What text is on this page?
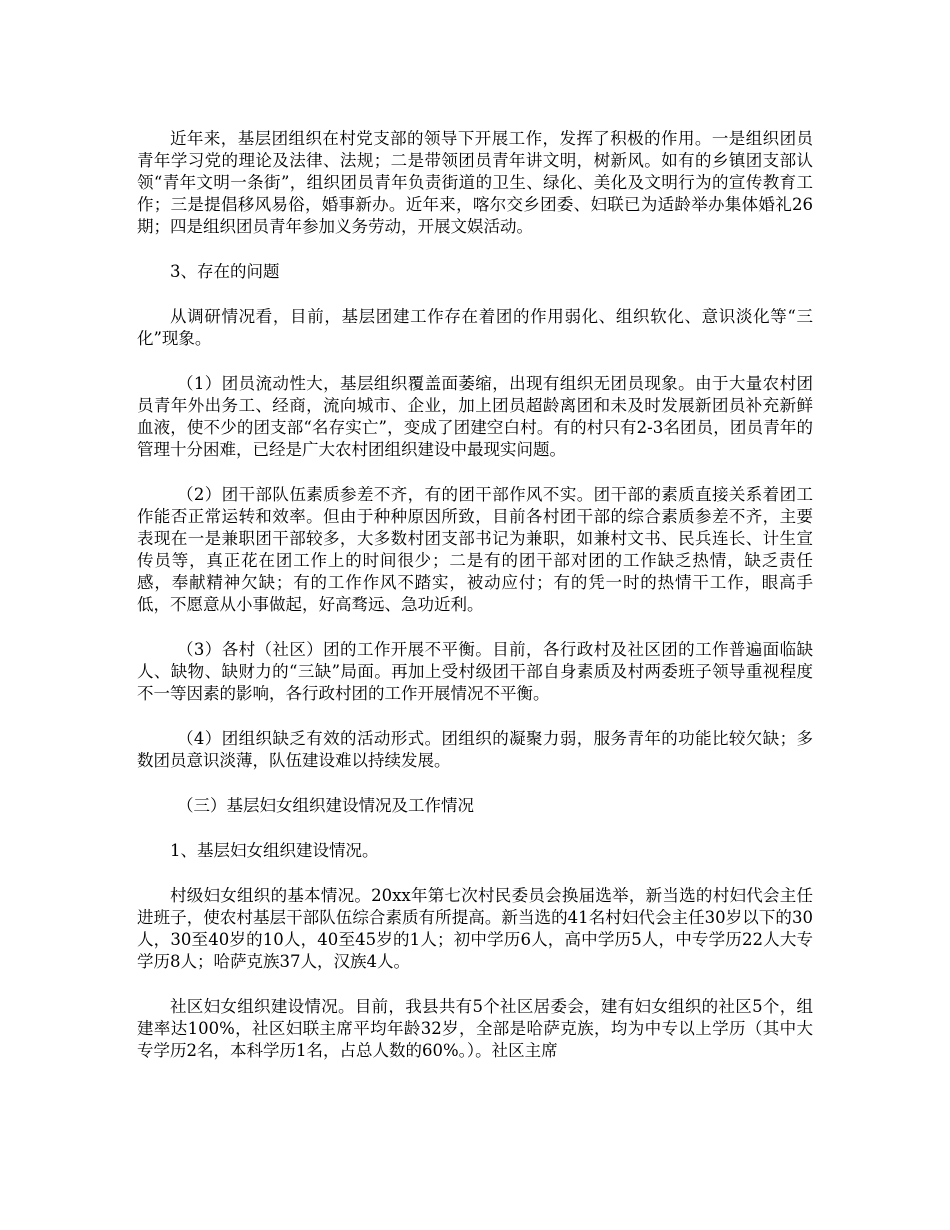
近年来，基层团组织在村党支部的领导下开展工作，发挥了积极的作用。一是组织团员青年学习党的理论及法律、法规；二是带领团员青年讲文明，树新风。如有的乡镇团支部认领“青年文明一条街”，组织团员青年负责街道的卫生、绿化、美化及文明行为的宣传教育工作；三是提倡移风易俗，婚事新办。近年来，喀尔交乡团委、妇联已为适龄举办集体婚礼26期；四是组织团员青年参加义务劳动，开展文娱活动。

3、存在的问题

从调研情况看，目前，基层团建工作存在着团的作用弱化、组织软化、意识淡化等“三化”现象。

（1）团员流动性大，基层组织覆盖面萎缩，出现有组织无团员现象。由于大量农村团员青年外出务工、经商，流向城市、企业，加上团员超龄离团和未及时发展新团员补充新鲜血液，使不少的团支部“名存实亡”，变成了团建空白村。有的村只有2-3名团员，团员青年的管理十分困难，已经是广大农村团组织建设中最现实问题。

（2）团干部队伍素质参差不齐，有的团干部作风不实。团干部的素质直接关系着团工作能否正常运转和效率。但由于种种原因所致，目前各村团干部的综合素质参差不齐，主要表现在一是兼职团干部较多，大多数村团支部书记为兼职，如兼村文书、民兵连长、计生宣传员等，真正花在团工作上的时间很少；二是有的团干部对团的工作缺乏热情，缺乏责任感，奉献精神欠缺；有的工作作风不踏实，被动应付；有的凭一时的热情干工作，眼高手低，不愿意从小事做起，好高骛远、急功近利。

（3）各村（社区）团的工作开展不平衡。目前，各行政村及社区团的工作普遍面临缺人、缺物、缺财力的“三缺”局面。再加上受村级团干部自身素质及村两委班子领导重视程度不一等因素的影响，各行政村团的工作开展情况不平衡。

（4）团组织缺乏有效的活动形式。团组织的凝聚力弱，服务青年的功能比较欠缺；多数团员意识淡薄，队伍建设难以持续发展。

（三）基层妇女组织建设情况及工作情况

1、基层妇女组织建设情况。

村级妇女组织的基本情况。20xx年第七次村民委员会换届选举，新当选的村妇代会主任进班子，使农村基层干部队伍综合素质有所提高。新当选的41名村妇代会主任30岁以下的30人，30至40岁的10人，40至45岁的1人；初中学历6人，高中学历5人，中专学历22人大专学历8人；哈萨克族37人，汉族4人。

社区妇女组织建设情况。目前，我县共有5个社区居委会，建有妇女组织的社区5个，组建率达100%，社区妇联主席平均年龄32岁，全部是哈萨克族，均为中专以上学历（其中大专学历2名，本科学历1名，占总人数的60%。）。社区主席
